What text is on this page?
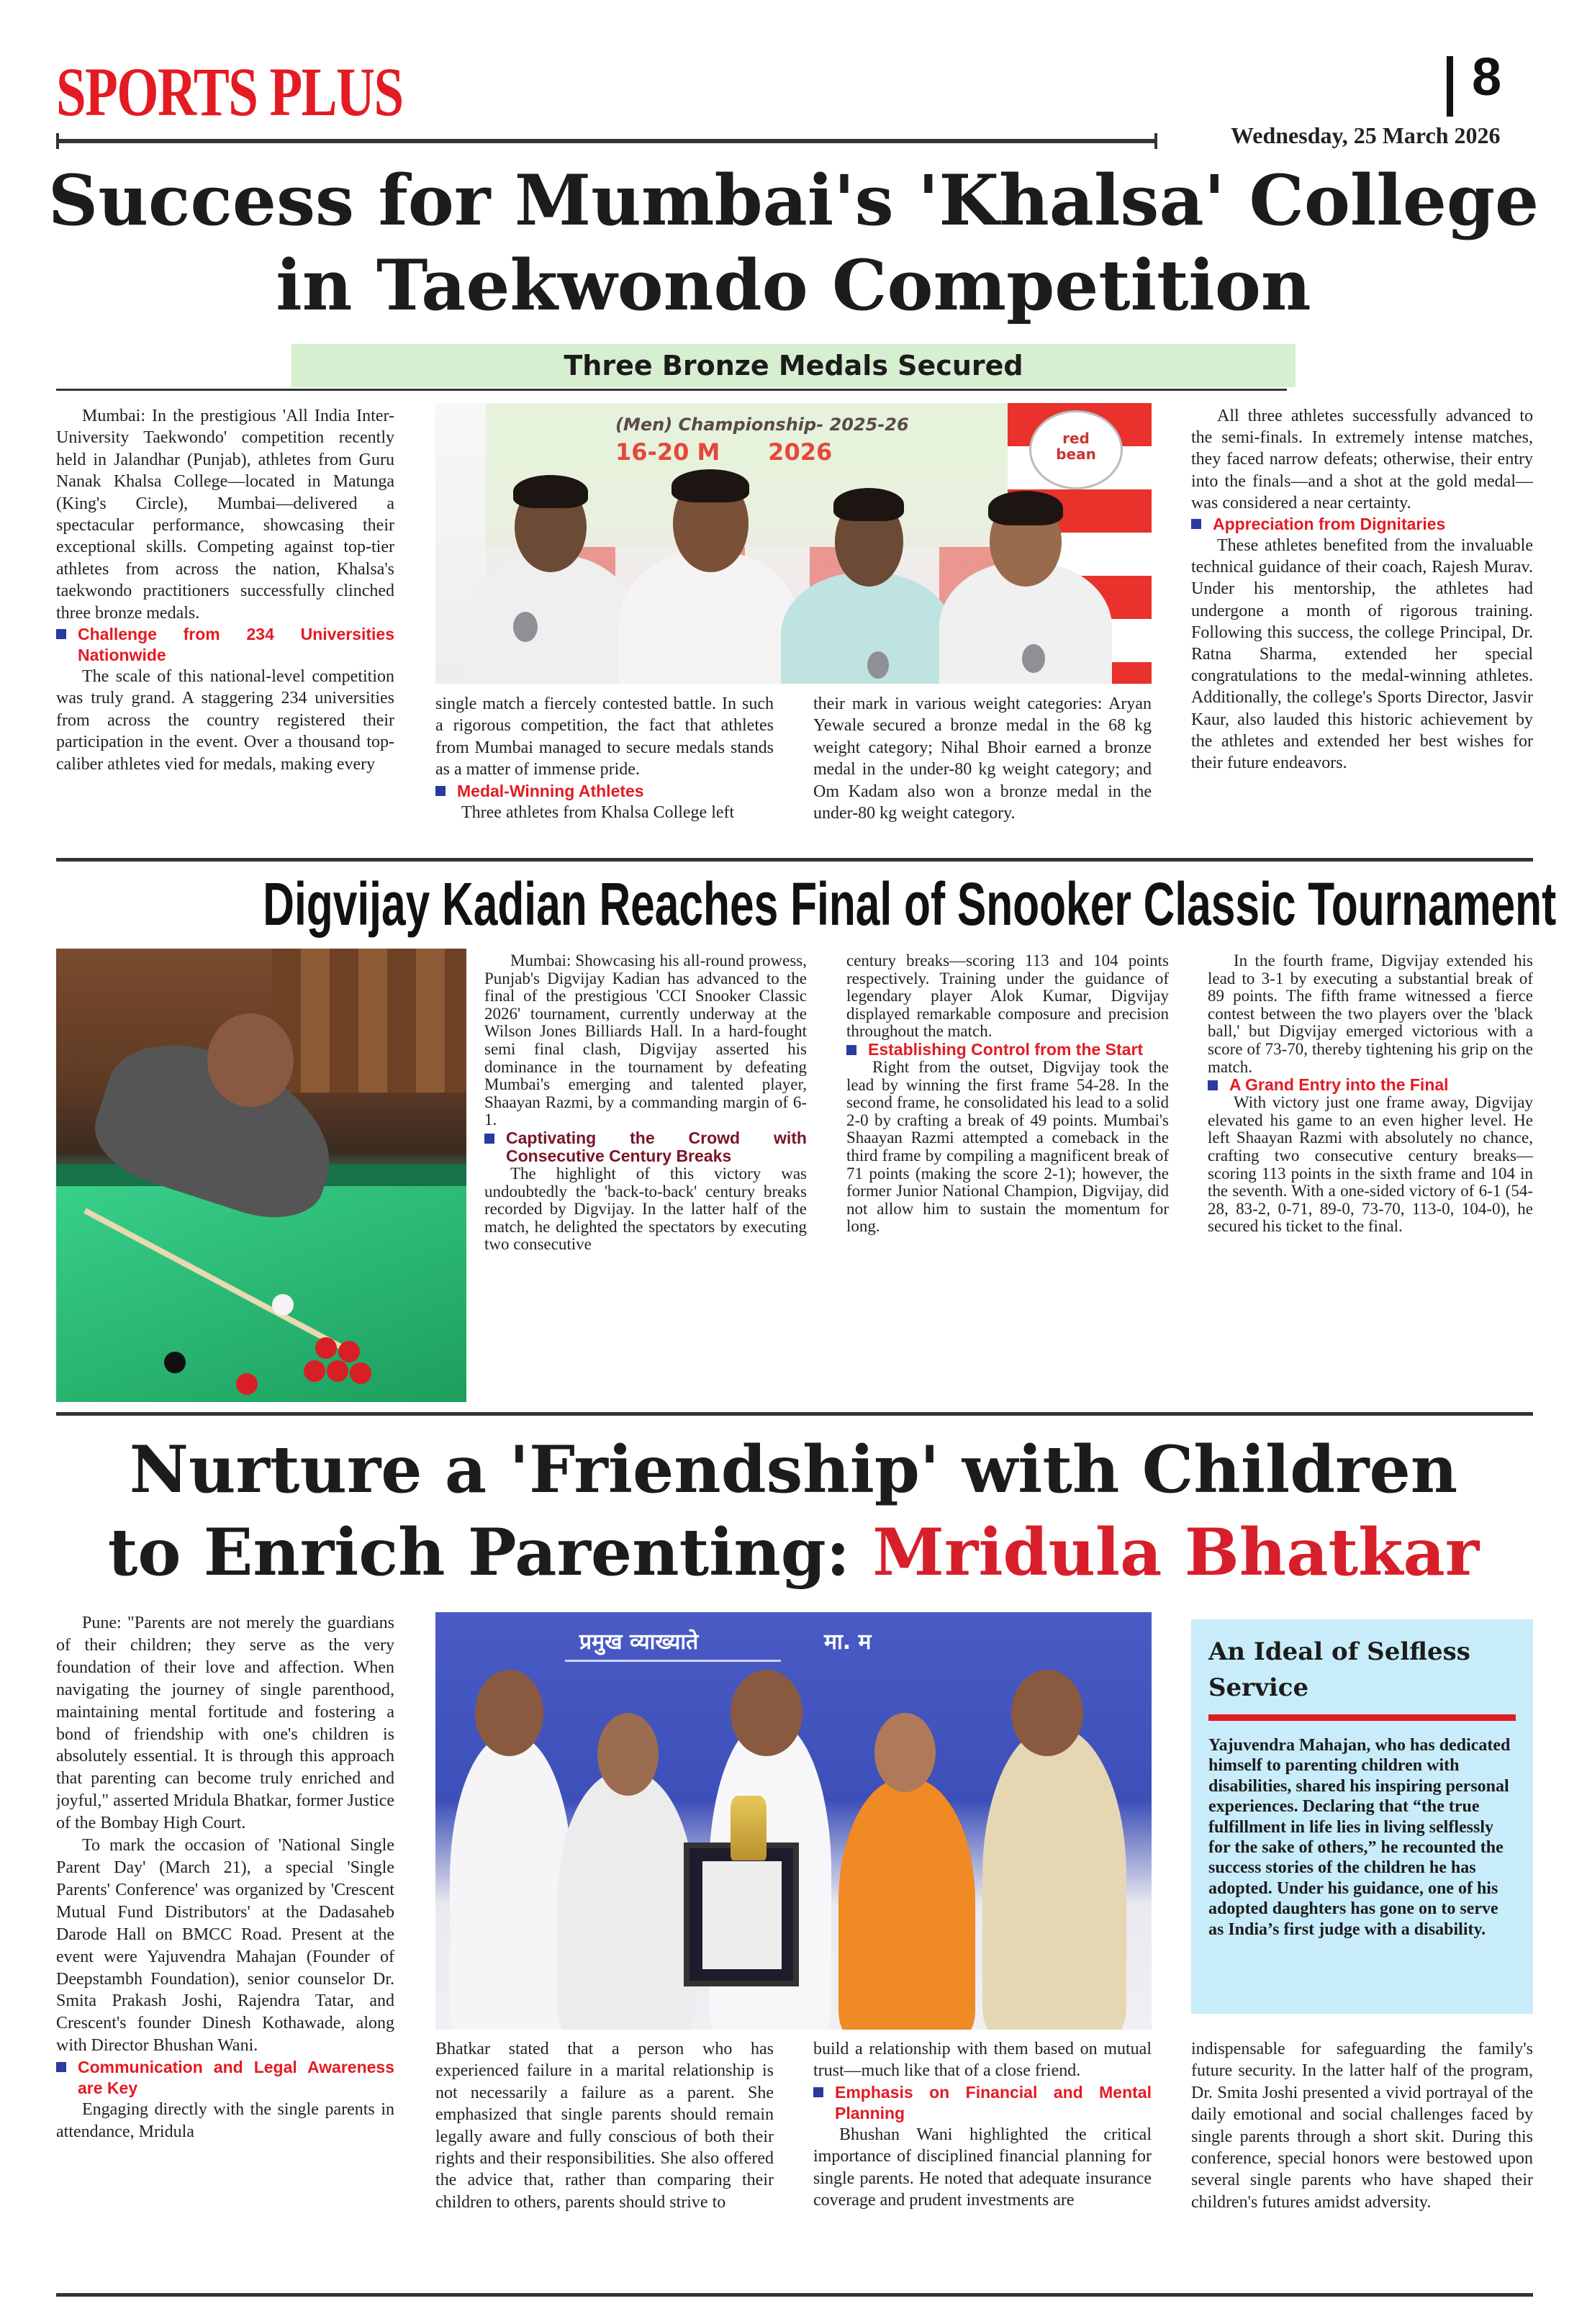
SPORTS PLUS	8
Wednesday, 25 March 2026
Success for Mumbai's 'Khalsa' College
in Taekwondo Competition
Three Bronze Medals Secured
red bean
(Men) Championship- 2025-26
16-20 M      2026

Mumbai: In the prestigious 'All India Inter-University Taekwondo' competition recently held in Jalandhar (Punjab), athletes from Guru Nanak Khalsa College—located in Matunga (King's Circle), Mumbai—delivered a spectacular performance, showcasing their exceptional skills. Competing against top-tier athletes from across the nation, Khalsa's taekwondo practitioners successfully clinched three bronze medals.

Challenge from 234 Universities Nationwide

The scale of this national-level competition was truly grand. A staggering 234 universities from across the country registered their participation in the event. Over a thousand top-caliber athletes vied for medals, making every

single match a fiercely contested battle. In such a rigorous competition, the fact that athletes from Mumbai managed to secure medals stands as a matter of immense pride.

Medal-Winning Athletes

Three athletes from Khalsa College left

their mark in various weight categories: Aryan Yewale secured a bronze medal in the 68 kg weight category; Nihal Bhoir earned a bronze medal in the under-80 kg weight category; and Om Kadam also won a bronze medal in the under-80 kg weight category.

All three athletes successfully advanced to the semi-finals. In extremely intense matches, they faced narrow defeats; otherwise, their entry into the finals—and a shot at the gold medal—was considered a near certainty.

Appreciation from Dignitaries

These athletes benefited from the invaluable technical guidance of their coach, Rajesh Murav. Under his mentorship, the athletes had undergone a month of rigorous training. Following this success, the college Principal, Dr. Ratna Sharma, extended her special congratulations to the medal-winning athletes. Additionally, the college's Sports Director, Jasvir Kaur, also lauded this historic achievement by the athletes and extended her best wishes for their future endeavors.

Digvijay Kadian Reaches Final of Snooker Classic Tournament

Mumbai: Showcasing his all-round prowess, Punjab's Digvijay Kadian has advanced to the final of the prestigious 'CCI Snooker Classic 2026' tournament, currently underway at the Wilson Jones Billiards Hall. In a hard-fought semi final clash, Digvijay asserted his dominance in the tournament by defeating Mumbai's emerging and talented player, Shaayan Razmi, by a commanding margin of 6-1.

Captivating the Crowd with Consecutive Century Breaks

The highlight of this victory was undoubtedly the 'back-to-back' century breaks recorded by Digvijay. In the latter half of the match, he delighted the spectators by executing two consecutive

century breaks—scoring 113 and 104 points respectively. Training under the guidance of legendary player Alok Kumar, Digvijay displayed remarkable composure and precision throughout the match.

Establishing Control from the Start

Right from the outset, Digvijay took the lead by winning the first frame 54-28. In the second frame, he consolidated his lead to a solid 2-0 by crafting a break of 49 points. Mumbai's Shaayan Razmi attempted a comeback in the third frame by compiling a magnificent break of 71 points (making the score 2-1); however, the former Junior National Champion, Digvijay, did not allow him to sustain the momentum for long.

In the fourth frame, Digvijay extended his lead to 3-1 by executing a substantial break of 89 points. The fifth frame witnessed a fierce contest between the two players over the 'black ball,' but Digvijay emerged victorious with a score of 73-70, thereby tightening his grip on the match.

A Grand Entry into the Final

With victory just one frame away, Digvijay elevated his game to an even higher level. He left Shaayan Razmi with absolutely no chance, crafting two consecutive century breaks—scoring 113 points in the sixth frame and 104 in the seventh. With a one-sided victory of 6-1 (54-28, 83-2, 0-71, 89-0, 73-70, 113-0, 104-0), he secured his ticket to the final.

Nurture a 'Friendship' with Children
to Enrich Parenting: Mridula Bhatkar
प्रमुख व्याख्याते	मा. म

Pune: "Parents are not merely the guardians of their children; they serve as the very foundation of their love and affection. When navigating the journey of single parenthood, maintaining mental fortitude and fostering a bond of friendship with one's children is absolutely essential. It is through this approach that parenting can become truly enriched and joyful," asserted Mridula Bhatkar, former Justice of the Bombay High Court.

To mark the occasion of 'National Single Parent Day' (March 21), a special 'Single Parents' Conference' was organized by 'Crescent Mutual Fund Distributors' at the Dadasaheb Darode Hall on BMCC Road. Present at the event were Yajuvendra Mahajan (Founder of Deepstambh Foundation), senior counselor Dr. Smita Prakash Joshi, Rajendra Tatar, and Crescent's founder Dinesh Kothawade, along with Director Bhushan Wani.

Communication and Legal Awareness are Key

Engaging directly with the single parents in attendance, Mridula

Bhatkar stated that a person who has experienced failure in a marital relationship is not necessarily a failure as a parent. She emphasized that single parents should remain legally aware and fully conscious of both their rights and their responsibilities. She also offered the advice that, rather than comparing their children to others, parents should strive to

build a relationship with them based on mutual trust—much like that of a close friend.

Emphasis on Financial and Mental Planning

Bhushan Wani highlighted the critical importance of disciplined financial planning for single parents. He noted that adequate insurance coverage and prudent investments are

An Ideal of Selfless Service
Yajuvendra Mahajan, who has dedicated himself to parenting children with disabilities, shared his inspiring personal experiences. Declaring that “the true fulfillment in life lies in living selflessly for the sake of others,” he recounted the success stories of the children he has adopted. Under his guidance, one of his adopted daughters has gone on to serve as India’s first judge with a disability.

indispensable for safeguarding the family's future security. In the latter half of the program, Dr. Smita Joshi presented a vivid portrayal of the daily emotional and social challenges faced by single parents through a short skit. During this conference, special honors were bestowed upon several single parents who have shaped their children's futures amidst adversity.
